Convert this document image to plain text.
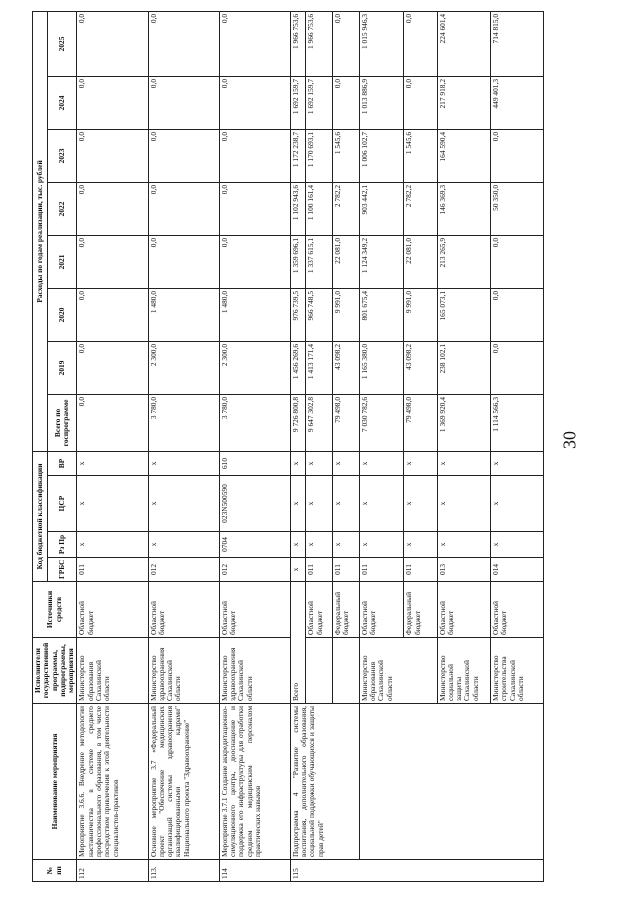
30
№ пп	Наименование мероприятия	Исполнители государственной программы, подпрограммы, мероприятия	Источники средств	Код бюджетной классификации				Расходы по годам реализации, тыс. рублей							
				ГРБС	Рз Пр	ЦСР	ВР	Всего по госпрограмме	2019	2020	2021	2022	2023	2024	2025
112	Мероприятие 3.6.6. Внедрение методологии наставничества в системе среднего профессионального образования, в том числе посредством привлечения к этой деятельности специалистов-практиков	Министерство образования Сахалинской области	Областной бюджет	011	x	x	x	0,0	0,0	0,0	0,0	0,0	0,0	0,0	0,0
113.	Основное мероприятие 3.7 «Федеральный проект "Обеспечение медицинских организаций системы здравоохранения квалифицированными кадрами" Национального проекта "Здравоохранение"	Министерство здравоохранения Сахалинской области	Областной бюджет	012	x	x	x	3 780,0	2 300,0	1 480,0	0,0	0,0	0,0	0,0	0,0
114	Мероприятие 3.7.1 Создание аккредитационно-симуляционного центра, дооснащение и поддержка его инфраструктуры для отработки средним медицинским персоналом практических навыков	Министерство здравоохранения Сахалинской области	Областной бюджет	012	0704	023N500590	610	3 780,0	2 300,0	1 480,0	0,0	0,0	0,0	0,0	0,0
115	Подпрограмма 4 "Развитие системы воспитания, дополнительного образования, социальной поддержки обучающихся и защиты прав детей"	Всего		x	x	x	x	9 726 800,8	1 456 269,6	976 739,5	1 359 696,1	1 102 943,6	1 172 238,7	1 692 159,7	1 966 753,6
			Областной бюджет	011	x	x	x	9 647 302,8	1 413 171,4	966 748,5	1 337 615,1	1 100 161,4	1 170 693,1	1 692 159,7	1 966 753,6
			Федеральный бюджет	011	x	x	x	79 498,0	43 098,2	9 991,0	22 081,0	2 782,2	1 545,6	0,0	0,0
		Министерство образования Сахалинской области	Областной бюджет	011	x	x	x	7 030 782,6	1 165 380,0	801 675,4	1 124 349,2	903 442,1	1 006 102,7	1 013 886,9	1 015 946,3
			Федеральный бюджет	011	x	x	x	79 498,0	43 098,2	9 991,0	22 081,0	2 782,2	1 545,6	0,0	0,0
		Министерство социальной защиты Сахалинской области	Областной бюджет	013	x	x	x	1 369 920,4	238 102,1	165 073,1	213 265,9	146 369,3	164 590,4	217 918,2	224 601,4
		Министерство строительства Сахалинской области	Областной бюджет	014	x	x	x	1 114 566,3	0,0	0,0	0,0	50 350,0	0,0	449 401,3	714 815,0
